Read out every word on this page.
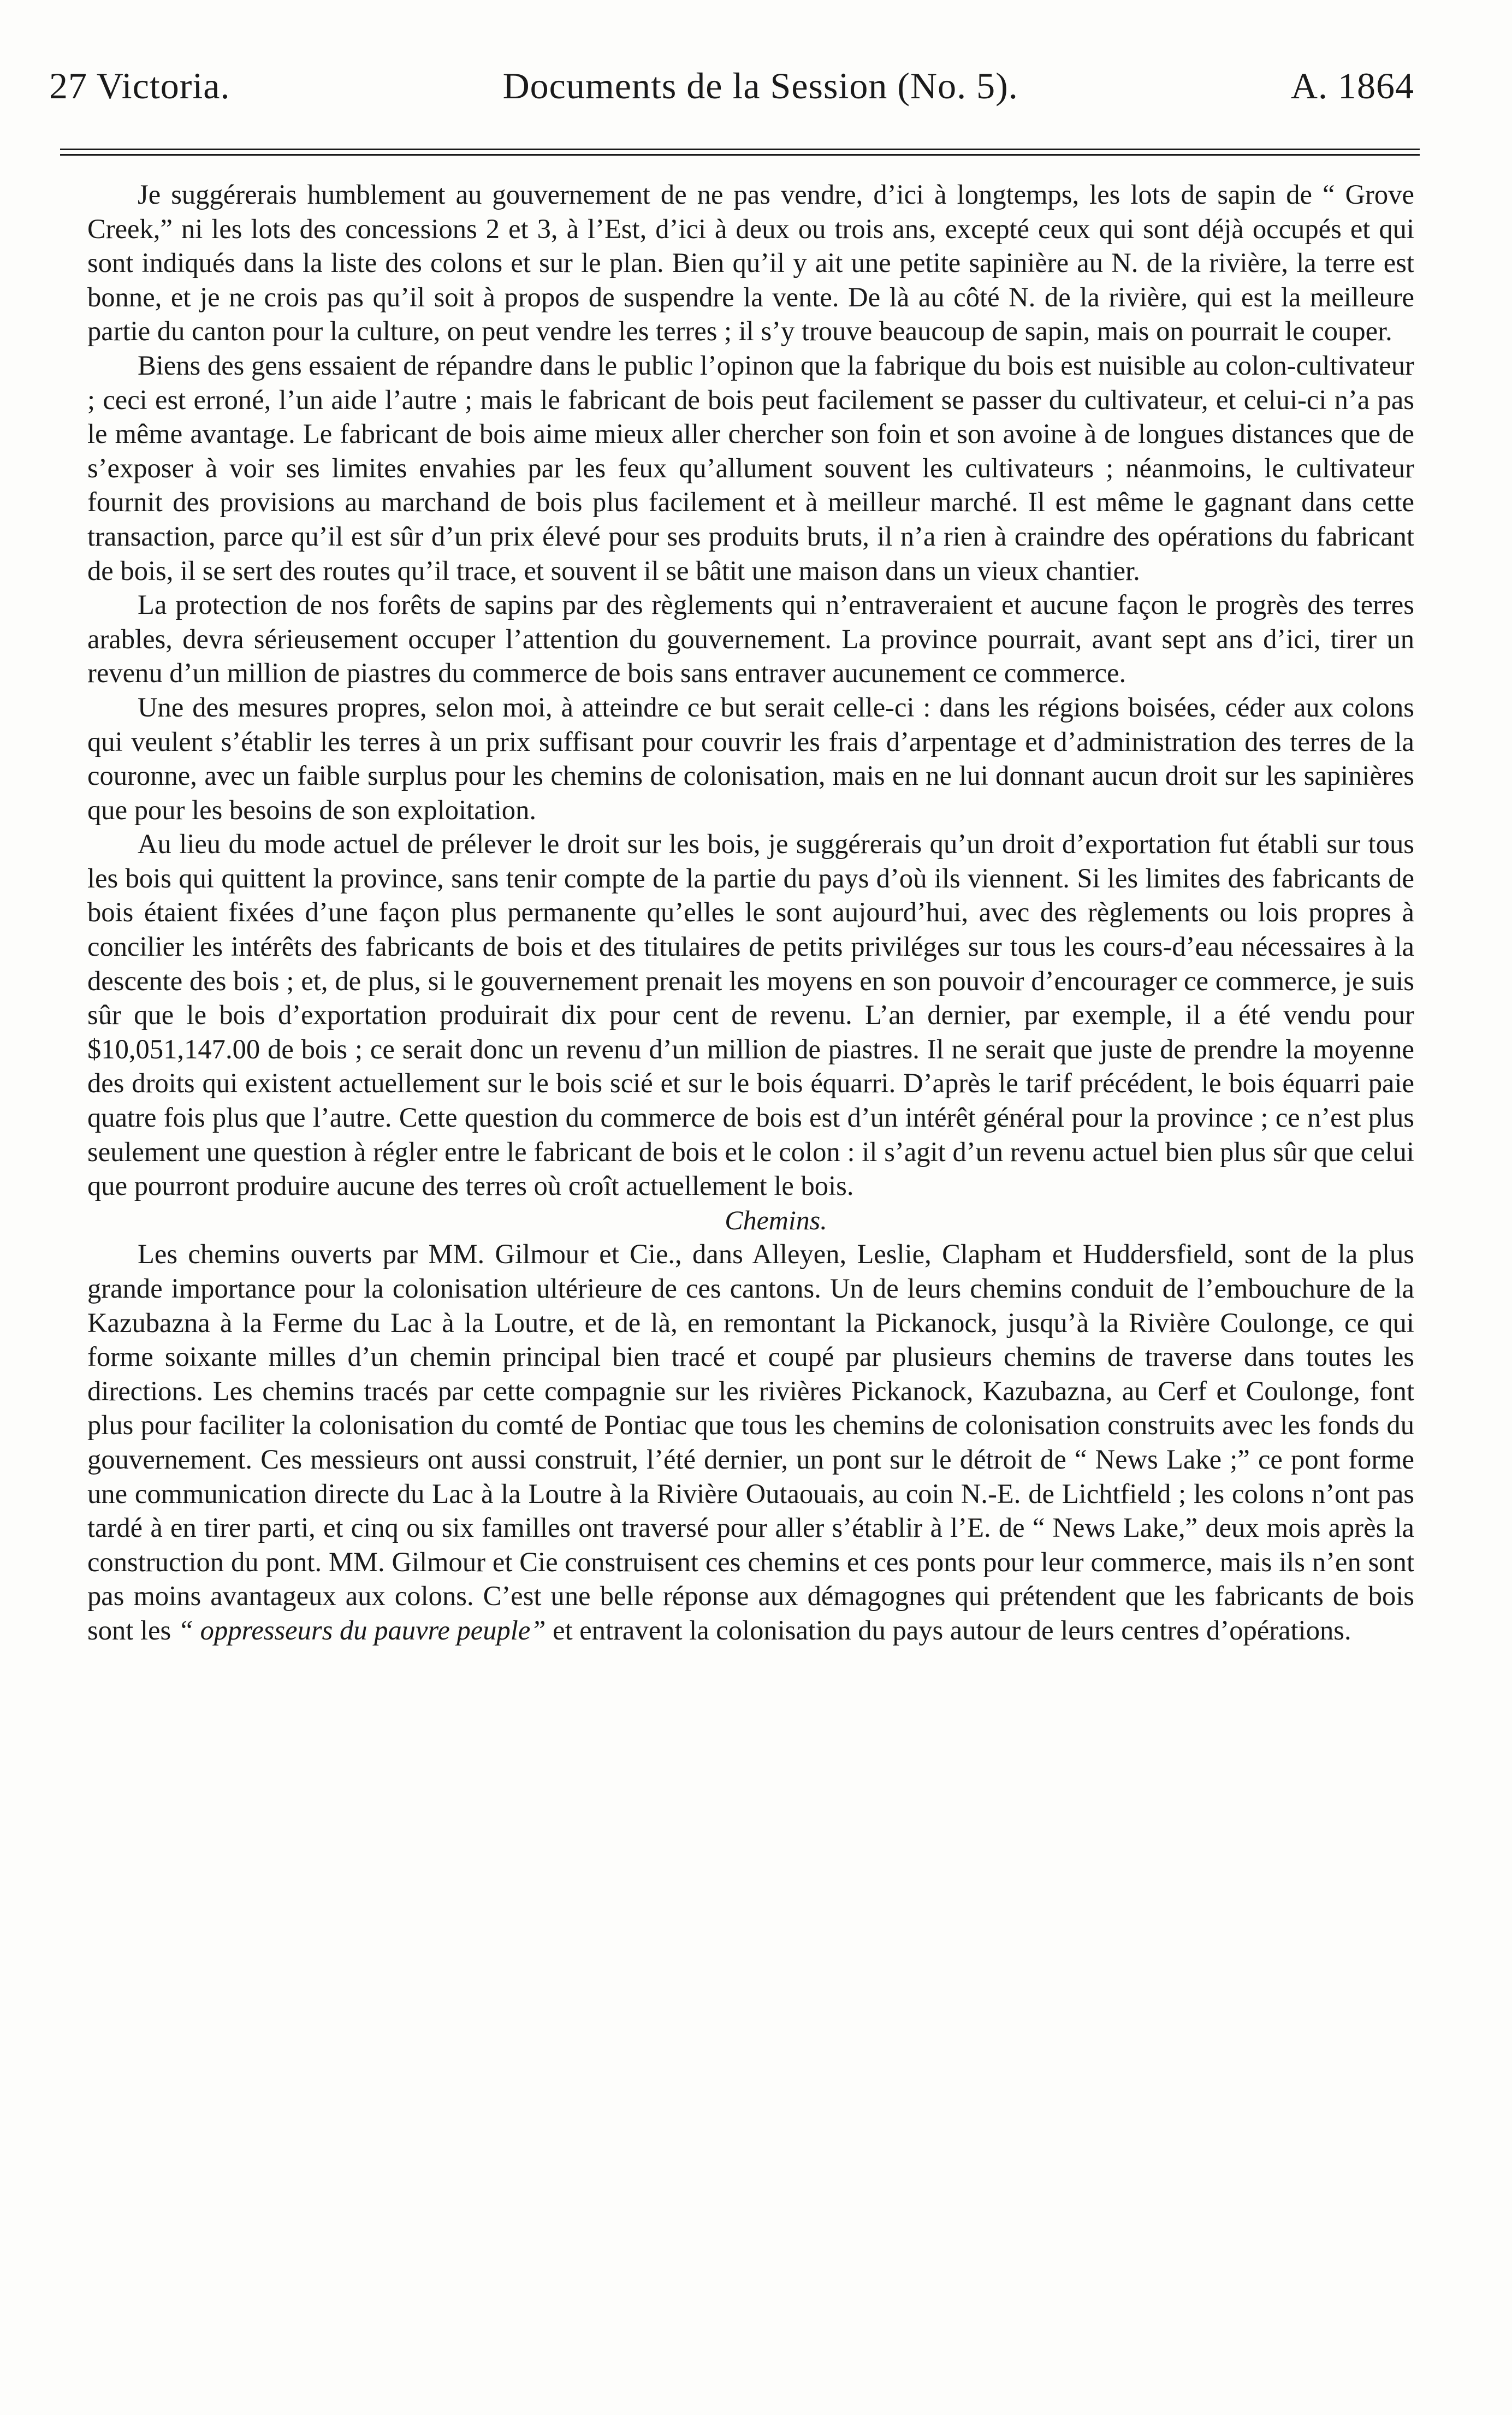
27 Victoria.	Documents de la Session (No. 5).	A. 1864

Je suggérerais humblement au gouvernement de ne pas vendre, d’ici à longtemps, les lots de sapin de “ Grove Creek,” ni les lots des concessions 2 et 3, à l’Est, d’ici à deux ou trois ans, excepté ceux qui sont déjà occupés et qui sont indiqués dans la liste des colons et sur le plan. Bien qu’il y ait une petite sapinière au N. de la rivière, la terre est bonne, et je ne crois pas qu’il soit à propos de suspendre la vente. De là au côté N. de la rivière, qui est la meilleure partie du canton pour la culture, on peut vendre les terres ; il s’y trouve beaucoup de sapin, mais on pourrait le couper.

Biens des gens essaient de répandre dans le public l’opinon que la fabrique du bois est nuisible au colon-cultivateur ; ceci est erroné, l’un aide l’autre ; mais le fabricant de bois peut facilement se passer du cultivateur, et celui-ci n’a pas le même avantage. Le fabricant de bois aime mieux aller chercher son foin et son avoine à de longues distances que de s’exposer à voir ses limites envahies par les feux qu’allument souvent les cultivateurs ; néanmoins, le cultivateur fournit des provisions au marchand de bois plus facilement et à meilleur marché. Il est même le gagnant dans cette transaction, parce qu’il est sûr d’un prix élevé pour ses produits bruts, il n’a rien à craindre des opérations du fabricant de bois, il se sert des routes qu’il trace, et souvent il se bâtit une maison dans un vieux chantier.

La protection de nos forêts de sapins par des règlements qui n’entraveraient et aucune façon le progrès des terres arables, devra sérieusement occuper l’attention du gouvernement. La province pourrait, avant sept ans d’ici, tirer un revenu d’un million de piastres du commerce de bois sans entraver aucunement ce commerce.

Une des mesures propres, selon moi, à atteindre ce but serait celle-ci : dans les régions boisées, céder aux colons qui veulent s’établir les terres à un prix suffisant pour couvrir les frais d’arpentage et d’administration des terres de la couronne, avec un faible surplus pour les chemins de colonisation, mais en ne lui donnant aucun droit sur les sapinières que pour les besoins de son exploitation.

Au lieu du mode actuel de prélever le droit sur les bois, je suggérerais qu’un droit d’exportation fut établi sur tous les bois qui quittent la province, sans tenir compte de la partie du pays d’où ils viennent. Si les limites des fabricants de bois étaient fixées d’une façon plus permanente qu’elles le sont aujourd’hui, avec des règlements ou lois propres à concilier les intérêts des fabricants de bois et des titulaires de petits priviléges sur tous les cours-d’eau nécessaires à la descente des bois ; et, de plus, si le gouvernement prenait les moyens en son pouvoir d’encourager ce commerce, je suis sûr que le bois d’exportation produirait dix pour cent de revenu. L’an dernier, par exemple, il a été vendu pour $10,051,147.00 de bois ; ce serait donc un revenu d’un million de piastres. Il ne serait que juste de prendre la moyenne des droits qui existent actuellement sur le bois scié et sur le bois équarri. D’après le tarif précédent, le bois équarri paie quatre fois plus que l’autre. Cette question du commerce de bois est d’un intérêt général pour la province ; ce n’est plus seulement une question à régler entre le fabricant de bois et le colon : il s’agit d’un revenu actuel bien plus sûr que celui que pourront produire aucune des terres où croît actuellement le bois.

Chemins.

Les chemins ouverts par MM. Gilmour et Cie., dans Alleyen, Leslie, Clapham et Huddersfield, sont de la plus grande importance pour la colonisation ultérieure de ces cantons. Un de leurs chemins conduit de l’embouchure de la Kazubazna à la Ferme du Lac à la Loutre, et de là, en remontant la Pickanock, jusqu’à la Rivière Coulonge, ce qui forme soixante milles d’un chemin principal bien tracé et coupé par plusieurs chemins de traverse dans toutes les directions. Les chemins tracés par cette compagnie sur les rivières Pickanock, Kazubazna, au Cerf et Coulonge, font plus pour faciliter la colonisation du comté de Pontiac que tous les chemins de colonisation construits avec les fonds du gouvernement. Ces messieurs ont aussi construit, l’été dernier, un pont sur le détroit de “ News Lake ;” ce pont forme une communication directe du Lac à la Loutre à la Rivière Outaouais, au coin N.-E. de Lichtfield ; les colons n’ont pas tardé à en tirer parti, et cinq ou six familles ont traversé pour aller s’établir à l’E. de “ News Lake,” deux mois après la construction du pont. MM. Gilmour et Cie construisent ces chemins et ces ponts pour leur commerce, mais ils n’en sont pas moins avantageux aux colons. C’est une belle réponse aux démagognes qui prétendent que les fabricants de bois sont les “ oppresseurs du pauvre peuple” et entravent la colonisation du pays autour de leurs centres d’opérations.
